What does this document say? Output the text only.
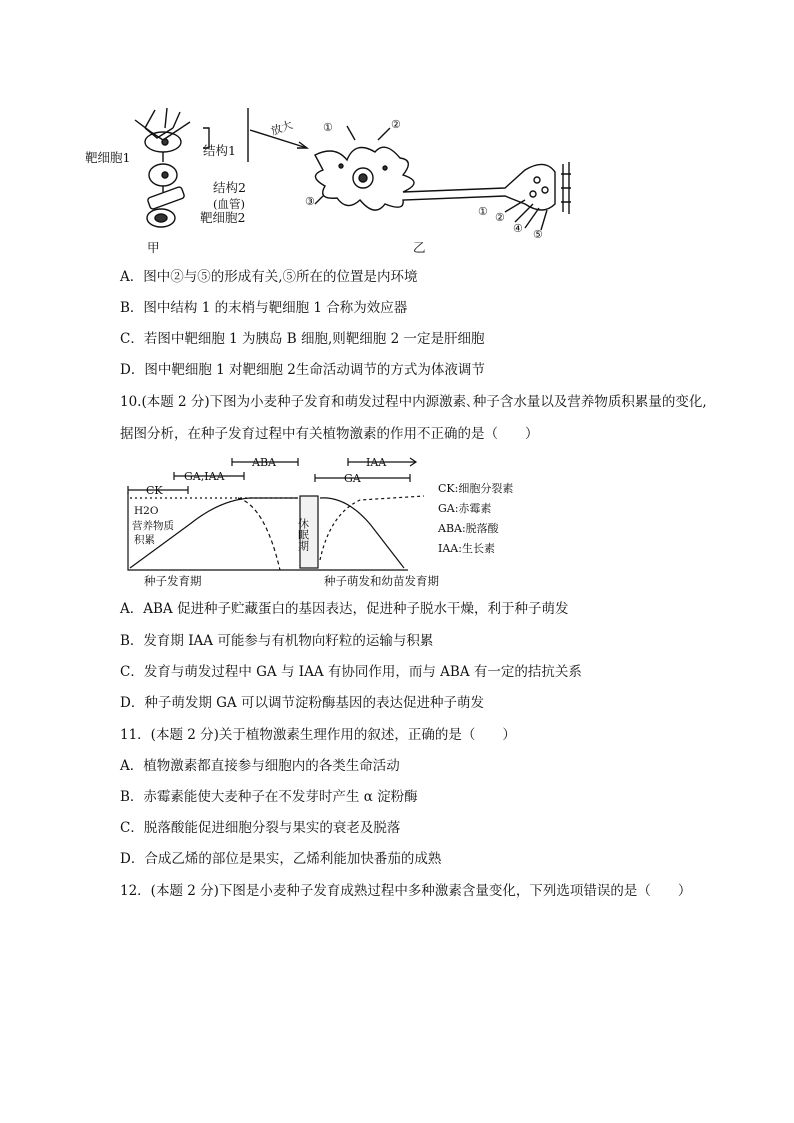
靶细胞1	结构1
结构2
(血管)
靶细胞2
甲
放大	①	②
③
① ②
④ ⑤
乙
A．图中②与⑤的形成有关,⑤所在的位置是内环境
B．图中结构 1 的末梢与靶细胞 1 合称为效应器
C．若图中靶细胞 1 为胰岛 B 细胞,则靶细胞 2 一定是肝细胞
D．图中靶细胞 1 对靶细胞 2生命活动调节的方式为体液调节
10.(本题 2 分)下图为小麦种子发育和萌发过程中内源激素､种子含水量以及营养物质积累量的变化,
据图分析，在种子发育过程中有关植物激素的作用不正确的是（　　）
ABA	IAA
GA,IAA	GA
CK
H2O
营养物质
积累	休眠期
CK:细胞分裂素
GA:赤霉素
ABA:脱落酸
IAA:生长素
种子发育期	种子萌发和幼苗发育期
A．ABA 促进种子贮藏蛋白的基因表达，促进种子脱水干燥，利于种子萌发
B．发育期 IAA 可能参与有机物向籽粒的运输与积累
C．发育与萌发过程中 GA 与 IAA 有协同作用，而与 ABA 有一定的拮抗关系
D．种子萌发期 GA 可以调节淀粉酶基因的表达促进种子萌发
11．(本题 2 分)关于植物激素生理作用的叙述，正确的是（　　）
A．植物激素都直接参与细胞内的各类生命活动
B．赤霉素能使大麦种子在不发芽时产生 α 淀粉酶
C．脱落酸能促进细胞分裂与果实的衰老及脱落
D．合成乙烯的部位是果实，乙烯利能加快番茄的成熟
12．(本题 2 分)下图是小麦种子发育成熟过程中多种激素含量变化，下列选项错误的是（　　）
